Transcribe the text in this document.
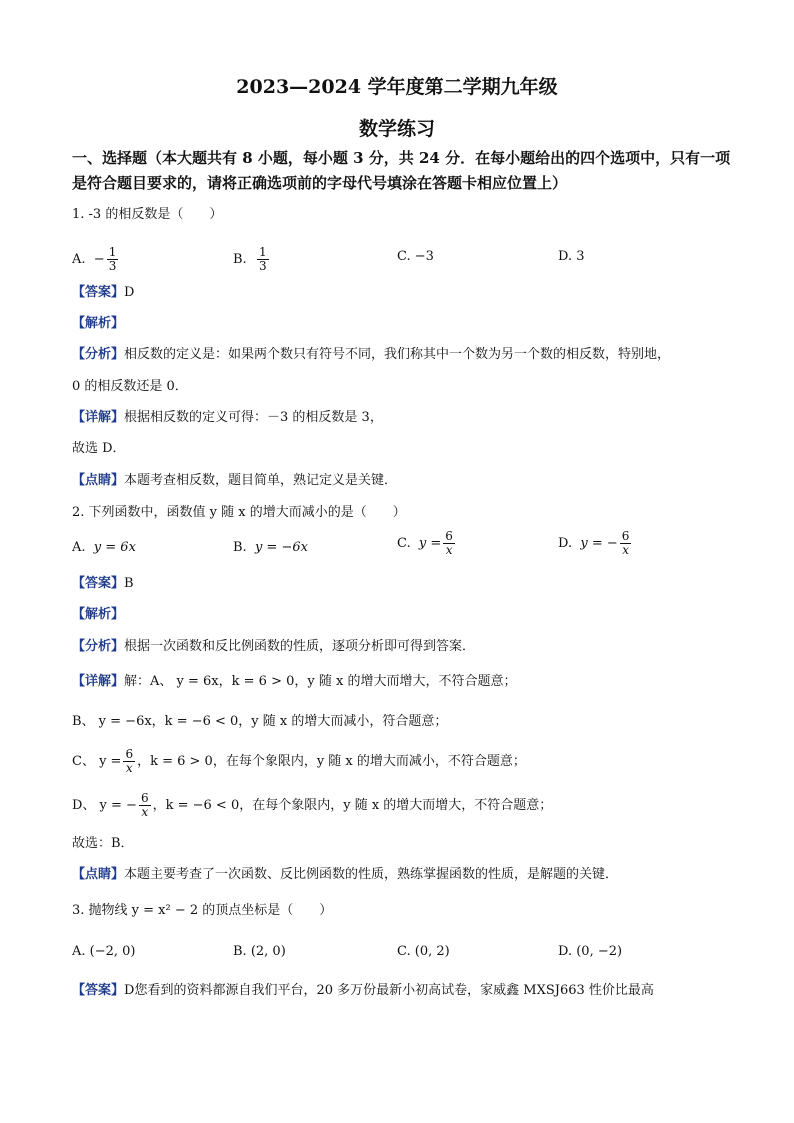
2023—2024 学年度第二学期九年级
数学练习
一、选择题（本大题共有 8 小题，每小题 3 分，共 24 分．在每小题给出的四个选项中，只有一项是符合题目要求的，请将正确选项前的字母代号填涂在答题卡相应位置上）
1. -3 的相反数是（　　）
A. − $\frac{1}{3}$	B. $\frac{1}{3}$	C. −3	D. 3
【答案】D
【解析】
【分析】相反数的定义是：如果两个数只有符号不同，我们称其中一个数为另一个数的相反数，特别地，
0 的相反数还是 0．
【详解】根据相反数的定义可得：－3 的相反数是 3，
故选 D．
【点睛】本题考查相反数，题目简单，熟记定义是关键．
2. 下列函数中，函数值 y 随 x 的增大而减小的是（　　）
A. y = 6x	B. y = −6x	C. $y = \frac{6}{x}$	D. y = − $\frac{6}{x}$
【答案】B
【解析】
【分析】根据一次函数和反比例函数的性质，逐项分析即可得到答案．
【详解】解：A、 y = 6x，k = 6 > 0，y 随 x 的增大而增大，不符合题意；
B、 y = −6x，k = −6 < 0，y 随 x 的增大而减小，符合题意；
C、 $y = \frac{6}{x}$ ，k = 6 > 0，在每个象限内，y 随 x 的增大而减小，不符合题意；
D、 y = − $\frac{6}{x}$ ，k = −6 < 0，在每个象限内，y 随 x 的增大而增大，不符合题意；
故选：B．
【点睛】本题主要考查了一次函数、反比例函数的性质，熟练掌握函数的性质，是解题的关键．
3. 抛物线 y = x² − 2 的顶点坐标是（　　）
A. (−2, 0)	B. (2, 0)	C. (0, 2)	D. (0, −2)
【答案】D您看到的资料都源自我们平台，20 多万份最新小初高试卷，家威鑫 MXSJ663 性价比最高
